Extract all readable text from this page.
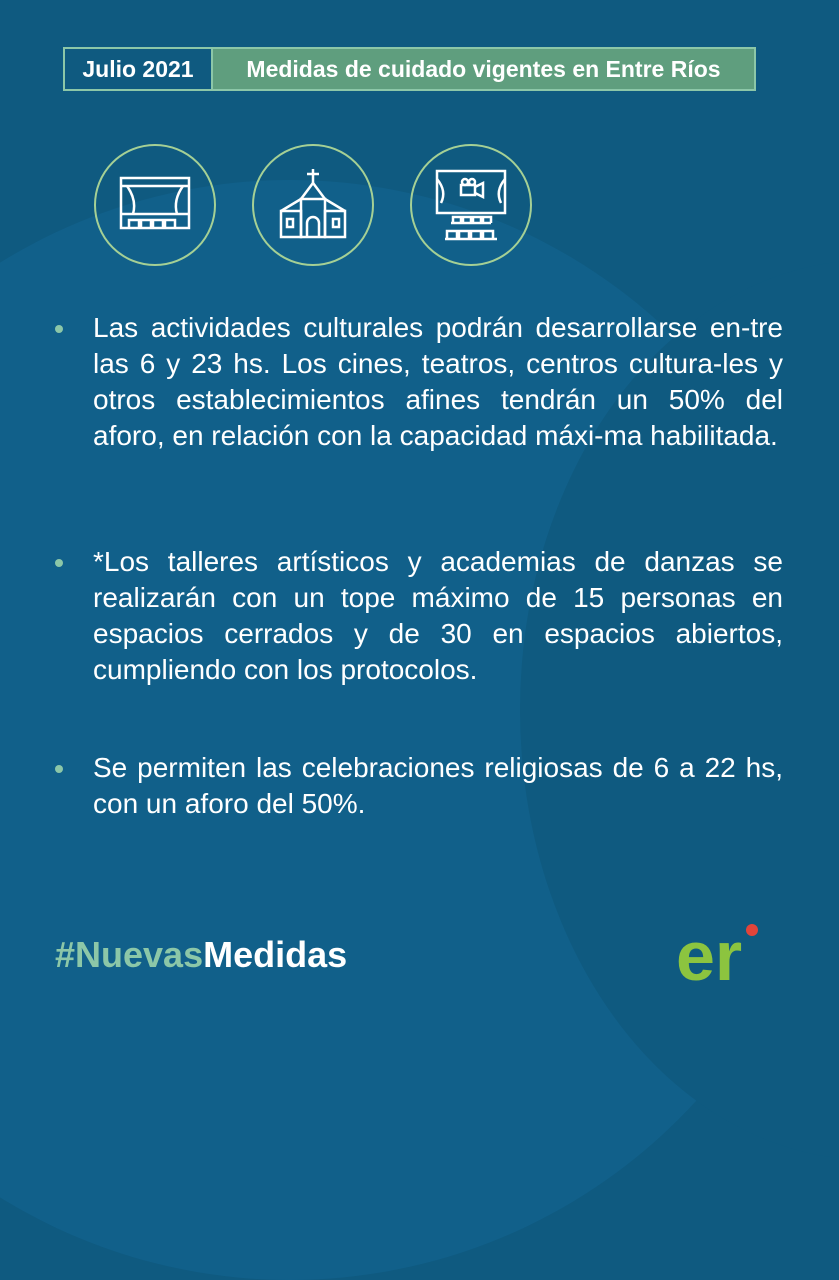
Julio 2021	Medidas de cuidado vigentes en Entre Ríos
Las actividades culturales podrán desarrollarse en-tre las 6 y 23 hs. Los cines, teatros, centros cultura-les y otros establecimientos afines tendrán un 50% del aforo, en relación con la capacidad máxi-ma habilitada.
*Los talleres artísticos y academias de danzas se realizarán con un tope máximo de 15 personas en espacios cerrados y de 30 en espacios abiertos, cumpliendo con los protocolos.
Se permiten las celebraciones religiosas de 6 a 22 hs, con un aforo del 50%.
#NuevasMedidas	er
